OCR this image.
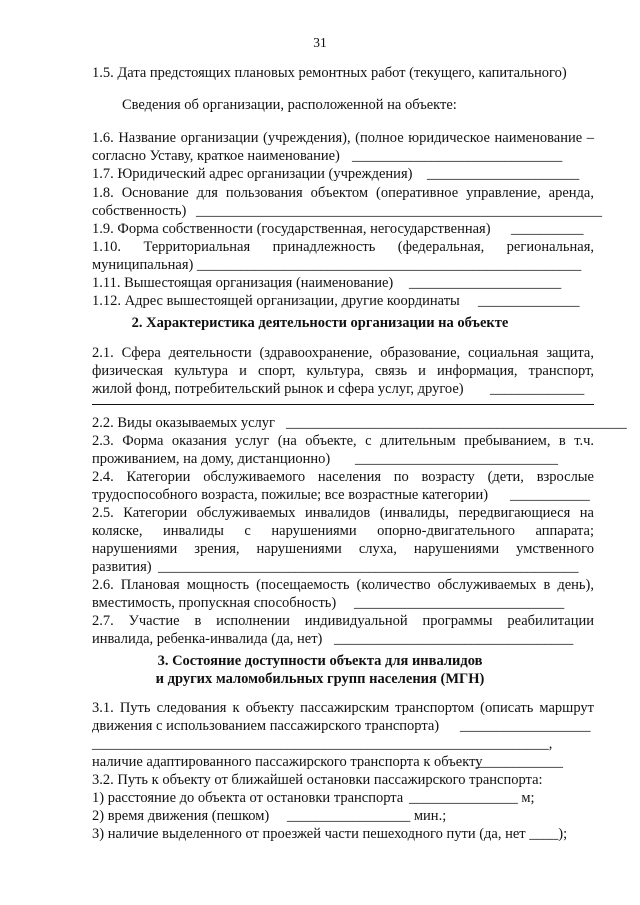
31
1.5. Дата предстоящих плановых ремонтных работ (текущего, капитального)
Сведения об организации, расположенной на объекте:
1.6. Название организации (учреждения), (полное юридическое наименование –
согласно Уставу, краткое наименование) _____________________________
1.7. Юридический адрес организации (учреждения) _____________________
1.8. Основание для пользования объектом (оперативное управление, аренда,
собственность) ________________________________________________________
1.9. Форма собственности (государственная, негосударственная) __________
1.10. Территориальная принадлежность (федеральная, региональная,
муниципальная) _____________________________________________________
1.11. Вышестоящая организация (наименование) _____________________
1.12. Адрес вышестоящей организации, другие координаты ______________
2. Характеристика деятельности организации на объекте
2.1. Сфера деятельности (здравоохранение, образование, социальная защита,
физическая культура и спорт, культура, связь и информация, транспорт,
жилой фонд, потребительский рынок и сфера услуг, другое) _____________
2.2. Виды оказываемых услуг _______________________________________________
2.3. Форма оказания услуг (на объекте, с длительным пребыванием, в т.ч.
проживанием, на дому, дистанционно) ____________________________
2.4. Категории обслуживаемого населения по возрасту (дети, взрослые
трудоспособного возраста, пожилые; все возрастные категории) ___________
2.5. Категории обслуживаемых инвалидов (инвалиды, передвигающиеся на
коляске, инвалиды с нарушениями опорно-двигательного аппарата;
нарушениями зрения, нарушениями слуха, нарушениями умственного
развития) __________________________________________________________
2.6. Плановая мощность (посещаемость (количество обслуживаемых в день),
вместимость, пропускная способность) _____________________________
2.7. Участие в исполнении индивидуальной программы реабилитации
инвалида, ребенка-инвалида (да, нет) _________________________________
3. Состояние доступности объекта для инвалидов
и других маломобильных групп населения (МГН)
3.1. Путь следования к объекту пассажирским транспортом (описать маршрут
движения с использованием пассажирского транспорта) __________________
_______________________________________________________________,
наличие адаптированного пассажирского транспорта к объекту
____________
3.2. Путь к объекту от ближайшей остановки пассажирского транспорта:
1) расстояние до объекта от остановки транспорта _______________ м;
2) время движения (пешком) _________________ мин.;
3) наличие выделенного от проезжей части пешеходного пути (да, нет ____);
